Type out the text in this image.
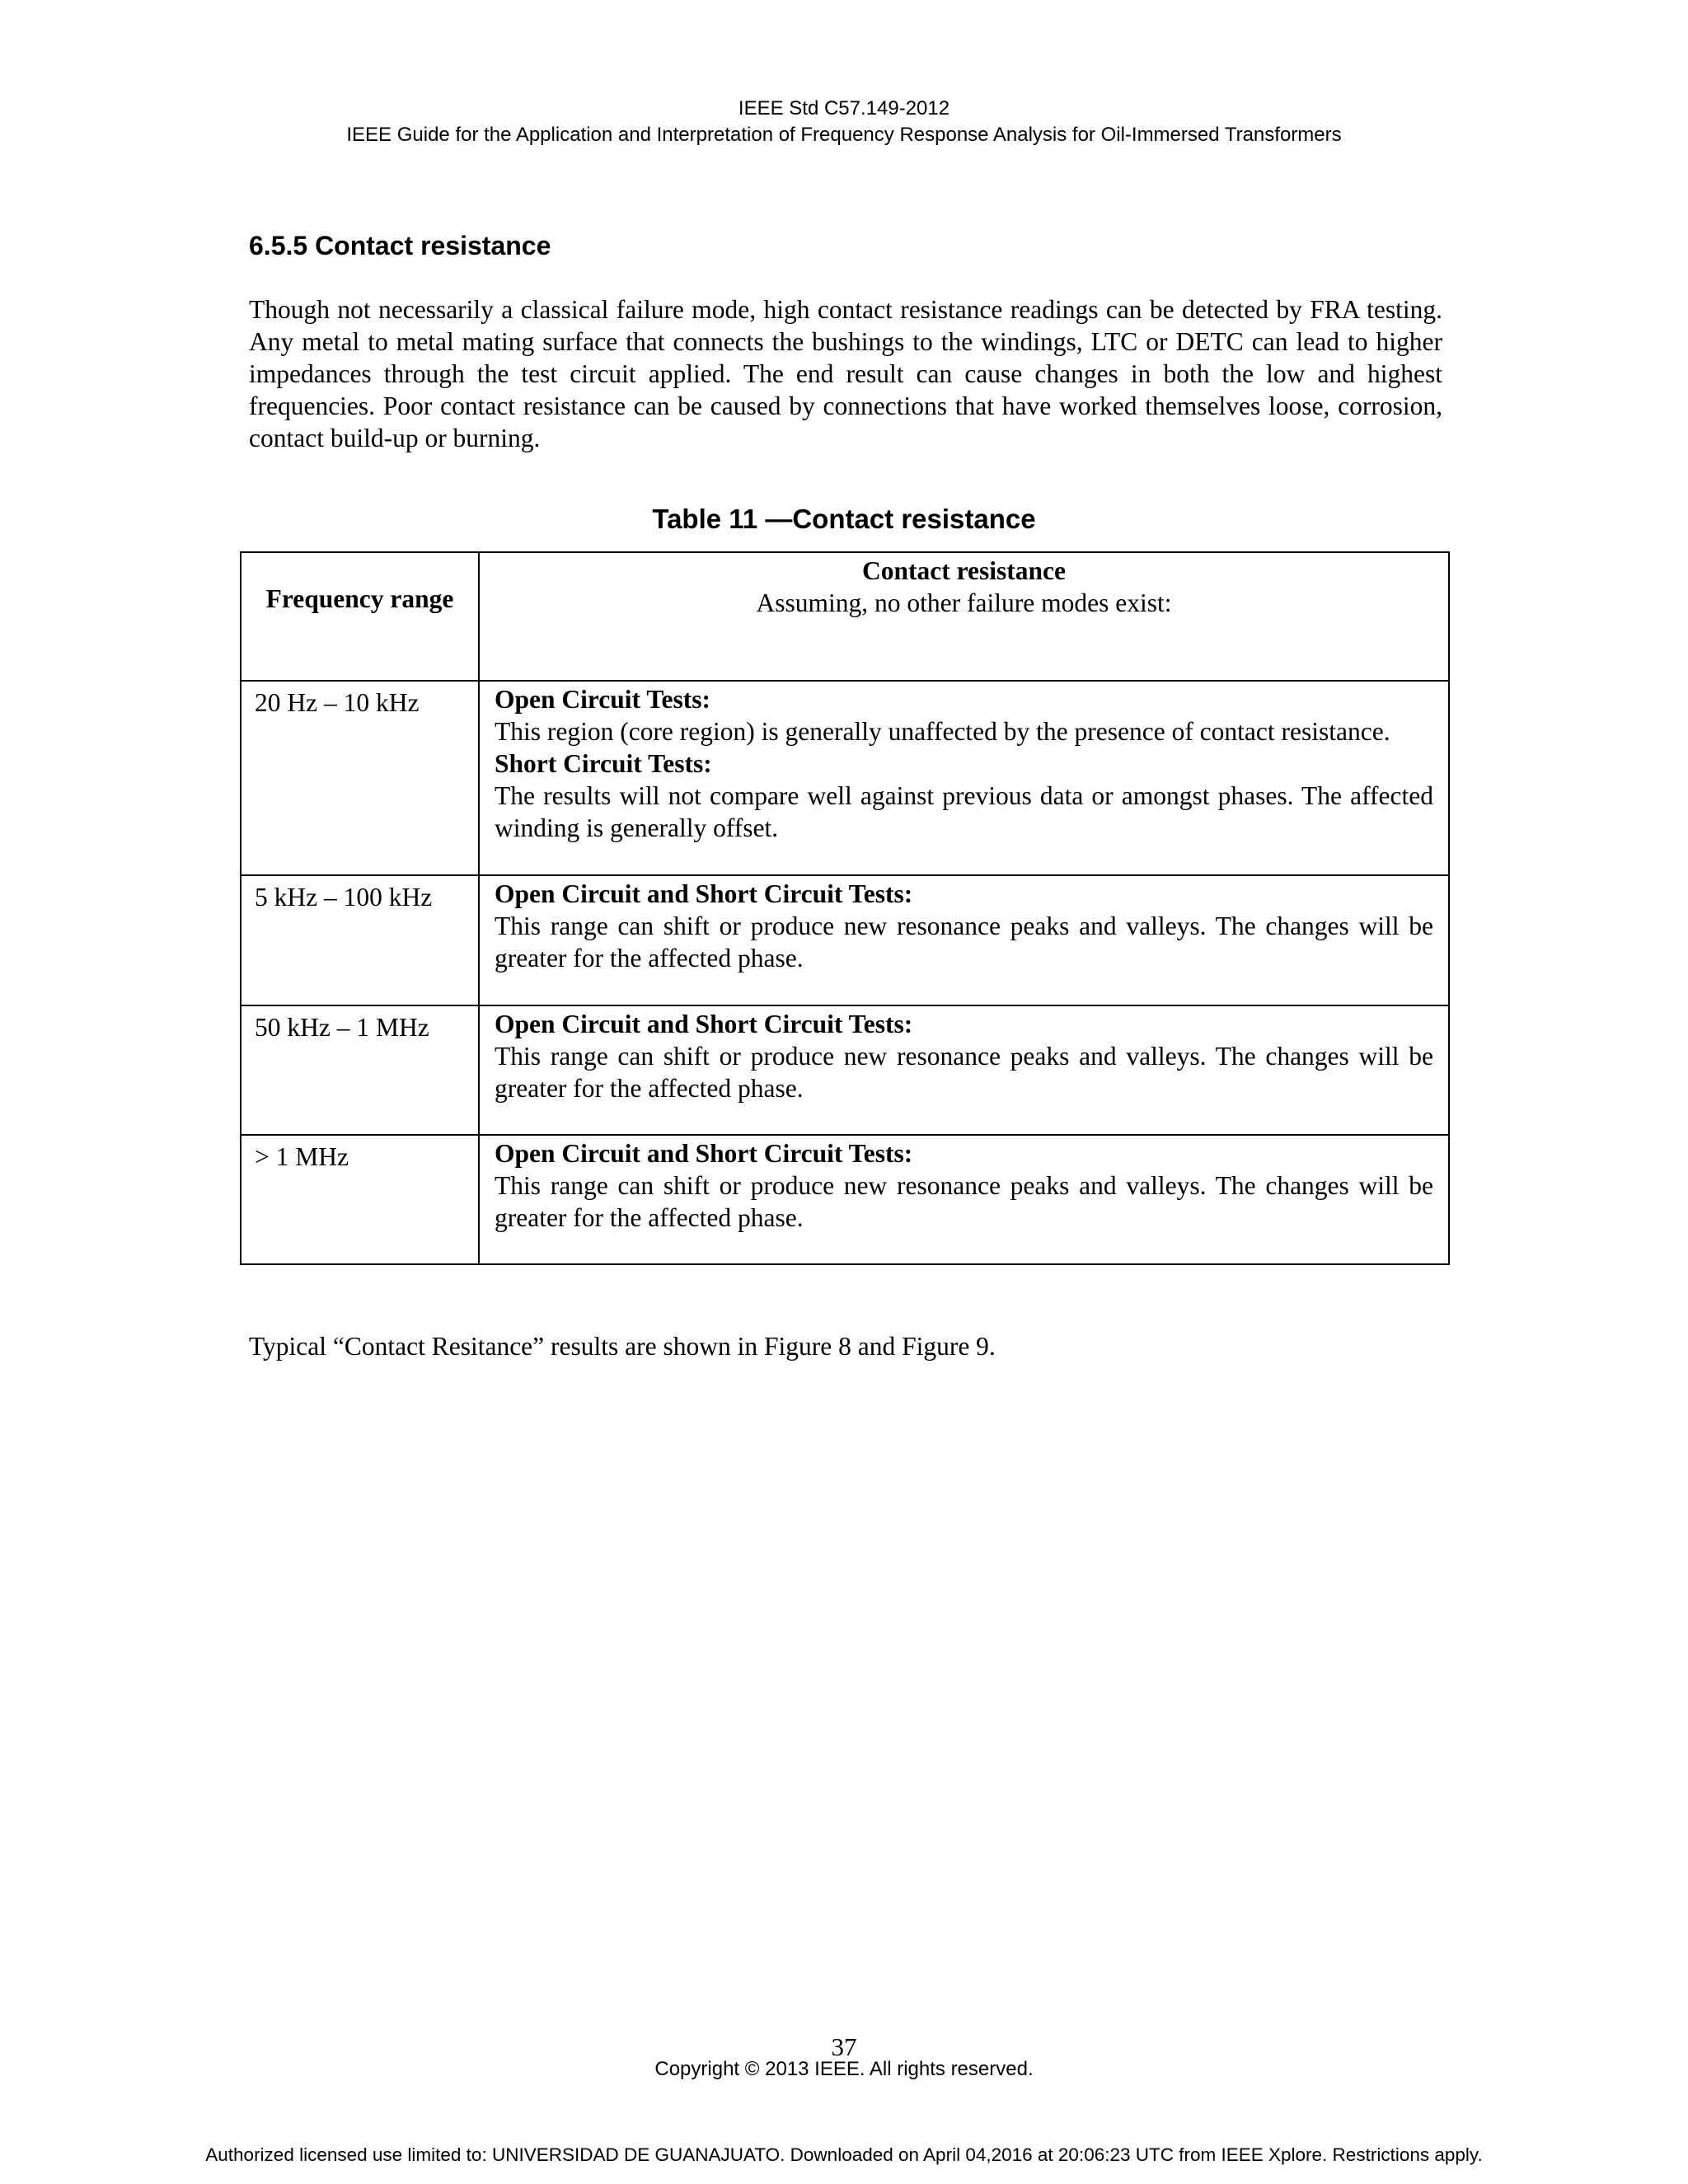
IEEE Std C57.149-2012
IEEE Guide for the Application and Interpretation of Frequency Response Analysis for Oil-Immersed Transformers
6.5.5 Contact resistance

Though not necessarily a classical failure mode, high contact resistance readings can be detected by FRA testing. Any metal to metal mating surface that connects the bushings to the windings, LTC or DETC can lead to higher impedances through the test circuit applied. The end result can cause changes in both the low and highest frequencies. Poor contact resistance can be caused by connections that have worked themselves loose, corrosion, contact build-up or burning.

Table 11 —Contact resistance
Frequency range	Contact resistance
Assuming, no other failure modes exist:

20 Hz – 10 kHz	Open Circuit Tests:
This region (core region) is generally unaffected by the presence of contact resistance.
Short Circuit Tests:
The results will not compare well against previous data or amongst phases. The affected winding is generally offset.

5 kHz – 100 kHz	Open Circuit and Short Circuit Tests:
This range can shift or produce new resonance peaks and valleys. The changes will be greater for the affected phase.

50 kHz – 1 MHz	Open Circuit and Short Circuit Tests:
This range can shift or produce new resonance peaks and valleys. The changes will be greater for the affected phase.

> 1 MHz	Open Circuit and Short Circuit Tests:
This range can shift or produce new resonance peaks and valleys. The changes will be greater for the affected phase.

Typical “Contact Resitance” results are shown in Figure 8 and Figure 9.

37
Copyright © 2013 IEEE. All rights reserved.
Authorized licensed use limited to: UNIVERSIDAD DE GUANAJUATO. Downloaded on April 04,2016 at 20:06:23 UTC from IEEE Xplore. Restrictions apply.
